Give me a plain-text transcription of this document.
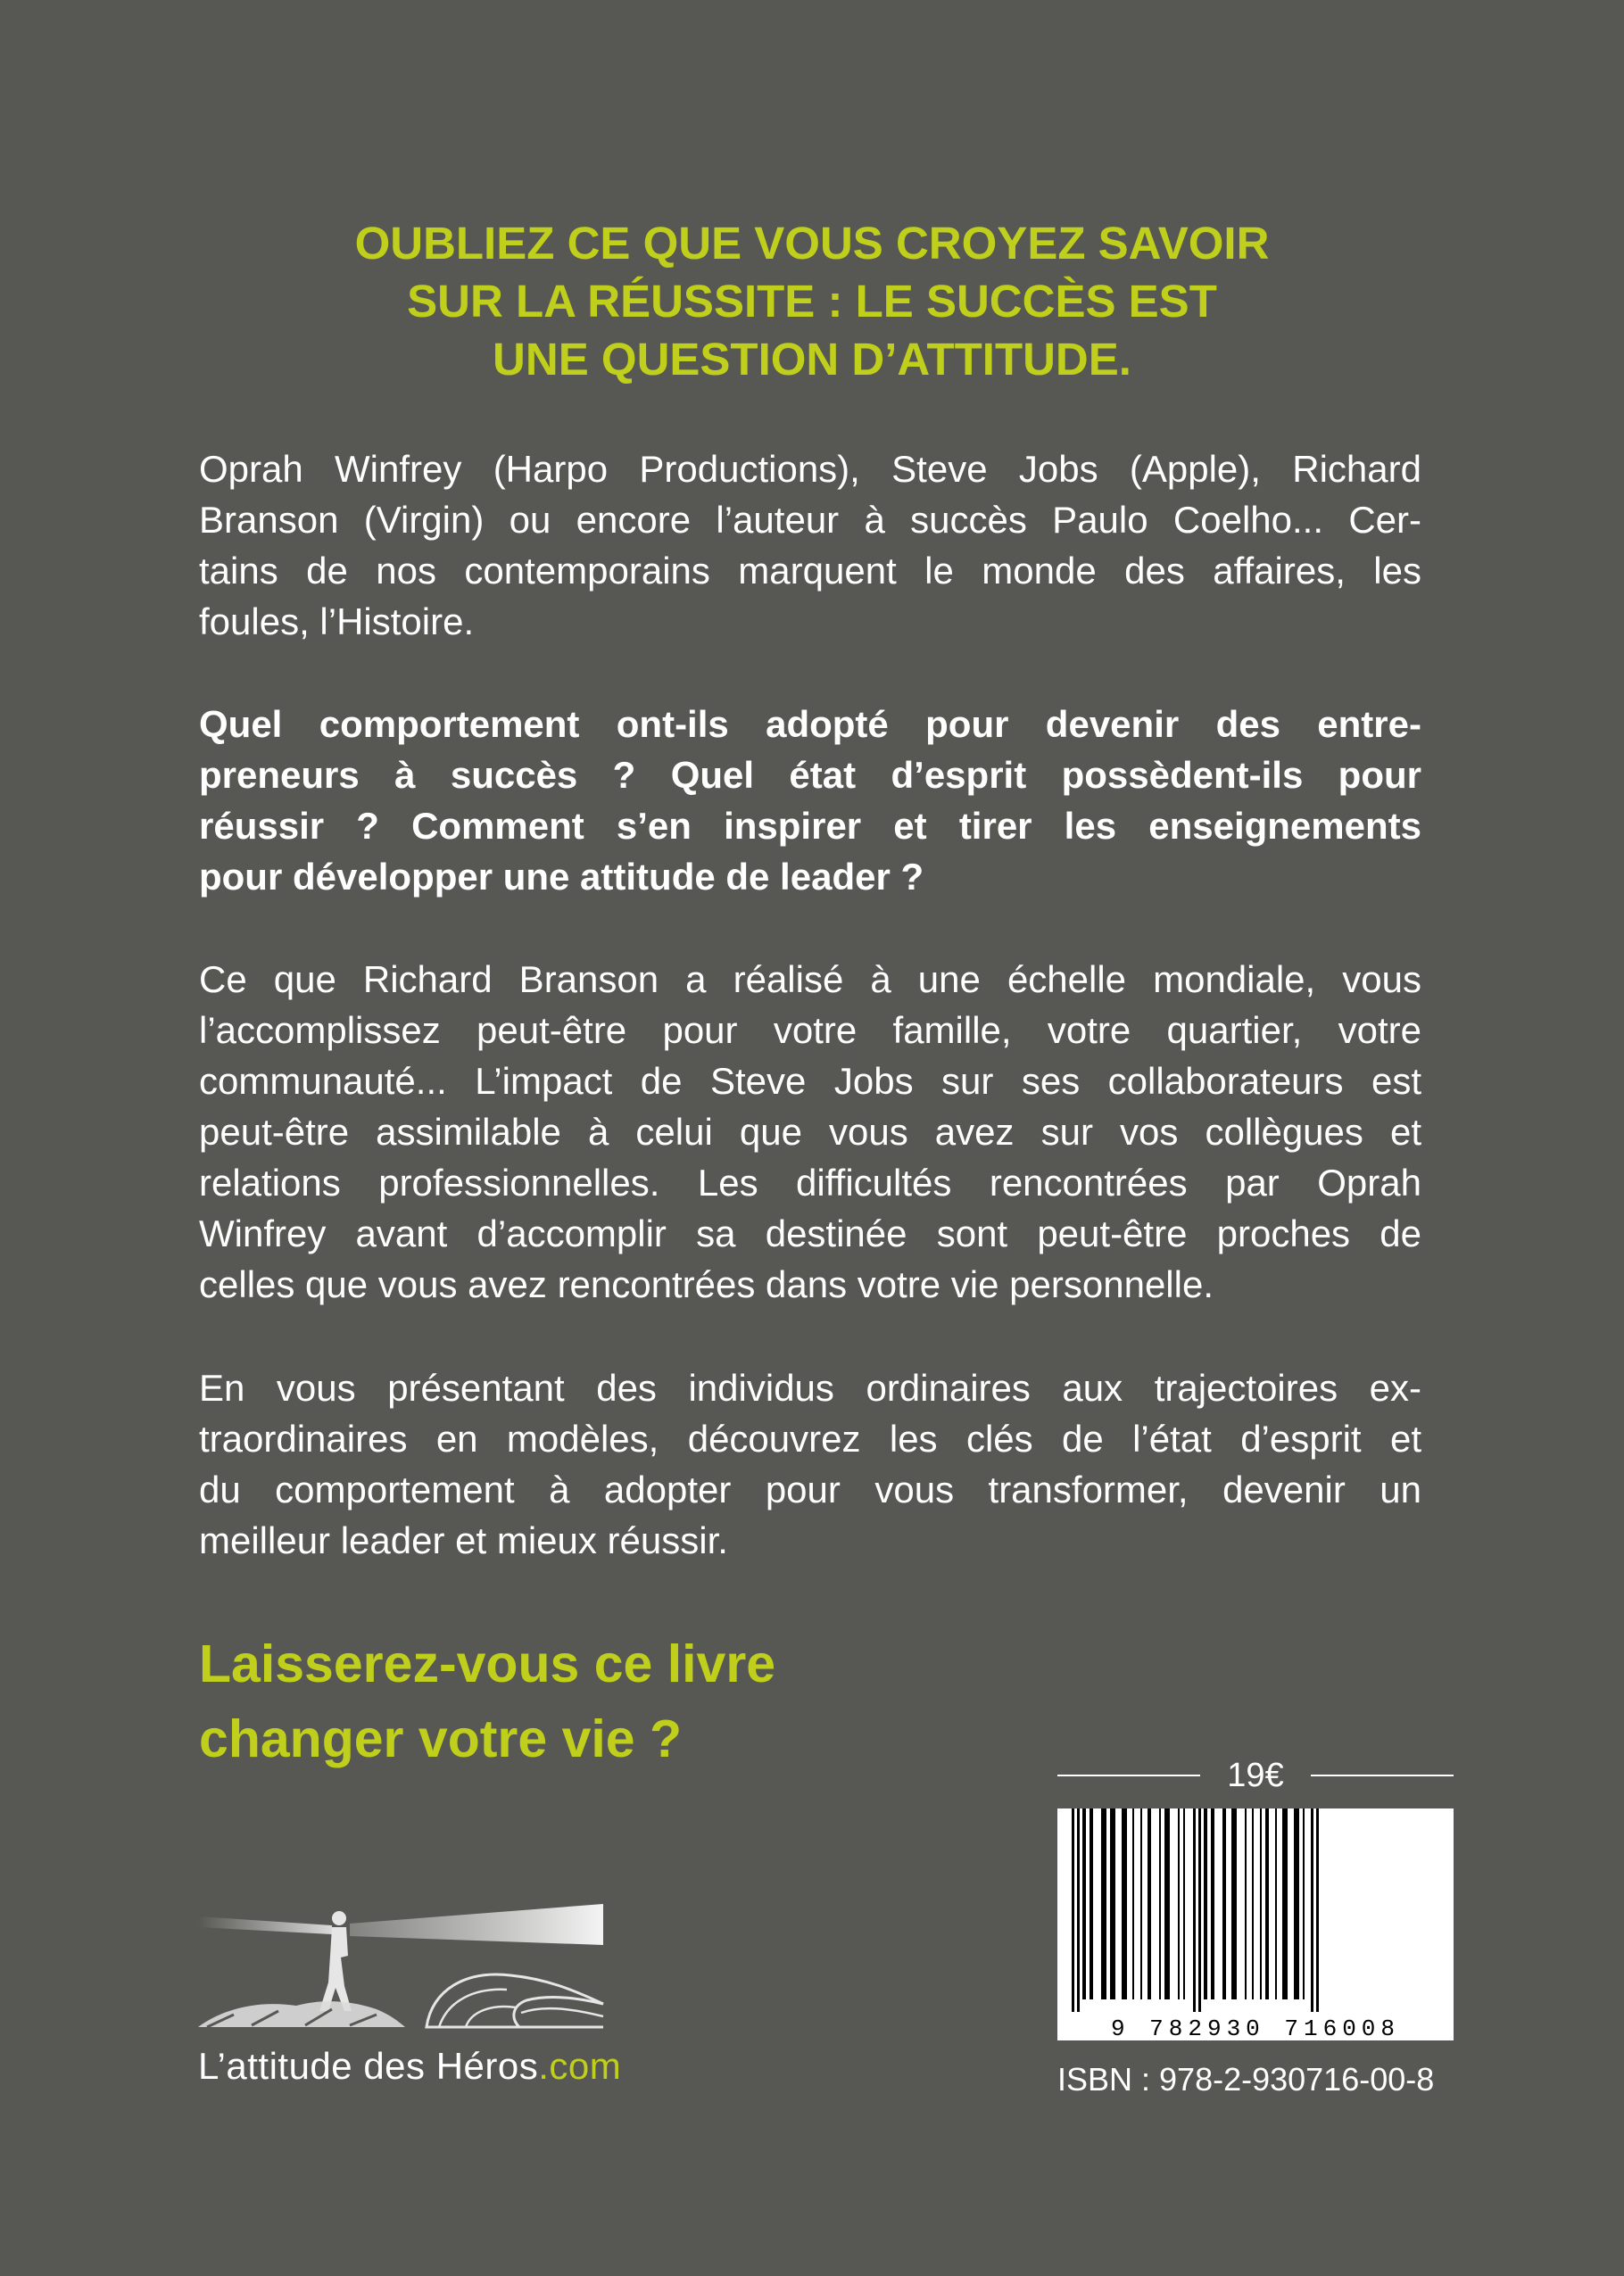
OUBLIEZ CE QUE VOUS CROYEZ SAVOIR
SUR LA RÉUSSITE : LE SUCCÈS EST
UNE QUESTION D’ATTITUDE.

Oprah Winfrey (Harpo Productions), Steve Jobs (Apple), Richard
Branson (Virgin) ou encore l’auteur à succès Paulo Coelho... Cer-
tains de nos contemporains marquent le monde des affaires, les
foules, l’Histoire.

Quel comportement ont-ils adopté pour devenir des entre-
preneurs à succès ? Quel état d’esprit possèdent-ils pour
réussir ? Comment s’en inspirer et tirer les enseignements
pour développer une attitude de leader ?

Ce que Richard Branson a réalisé à une échelle mondiale, vous
l’accomplissez peut-être pour votre famille, votre quartier, votre
communauté... L’impact de Steve Jobs sur ses collaborateurs est
peut-être assimilable à celui que vous avez sur vos collègues et
relations professionnelles. Les difficultés rencontrées par Oprah
Winfrey avant d’accomplir sa destinée sont peut-être proches de
celles que vous avez rencontrées dans votre vie personnelle.

En vous présentant des individus ordinaires aux trajectoires ex-
traordinaires en modèles, découvrez les clés de l’état d’esprit et
du comportement à adopter pour vous transformer, devenir un
meilleur leader et mieux réussir.

Laisserez-vous ce livre
changer votre vie ?
19€
9 782930 716008
ISBN : 978-2-930716-00-8
L’attitude des Héros.com
